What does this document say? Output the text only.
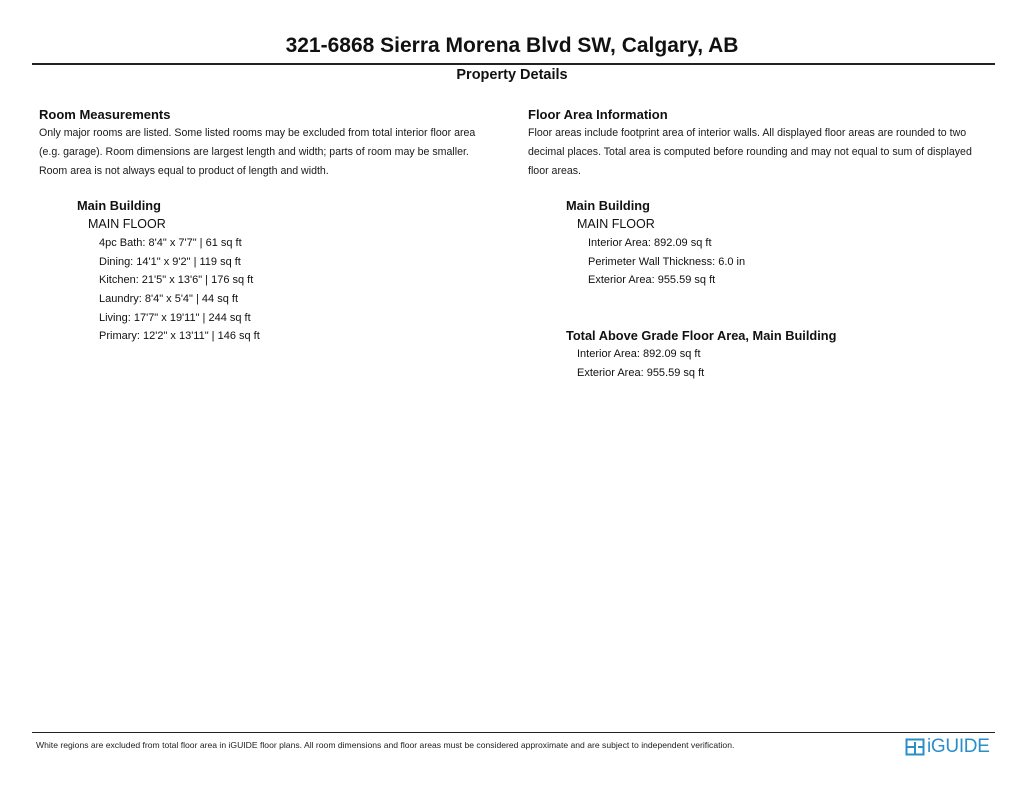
321-6868 Sierra Morena Blvd SW, Calgary, AB
Property Details
Room Measurements
Only major rooms are listed. Some listed rooms may be excluded from total interior floor area
(e.g. garage). Room dimensions are largest length and width; parts of room may be smaller.
Room area is not always equal to product of length and width.
Main Building
MAIN FLOOR
4pc Bath: 8'4" x 7'7" | 61 sq ft
Dining: 14'1" x 9'2" | 119 sq ft
Kitchen: 21'5" x 13'6" | 176 sq ft
Laundry: 8'4" x 5'4" | 44 sq ft
Living: 17'7" x 19'11" | 244 sq ft
Primary: 12'2" x 13'11" | 146 sq ft
Floor Area Information
Floor areas include footprint area of interior walls. All displayed floor areas are rounded to two
decimal places. Total area is computed before rounding and may not equal to sum of displayed
floor areas.
Main Building
MAIN FLOOR
Interior Area: 892.09 sq ft
Perimeter Wall Thickness: 6.0 in
Exterior Area: 955.59 sq ft
Total Above Grade Floor Area, Main Building
Interior Area: 892.09 sq ft
Exterior Area: 955.59 sq ft
White regions are excluded from total floor area in iGUIDE floor plans. All room dimensions and floor areas must be considered approximate and are subject to independent verification.	iGUIDE
